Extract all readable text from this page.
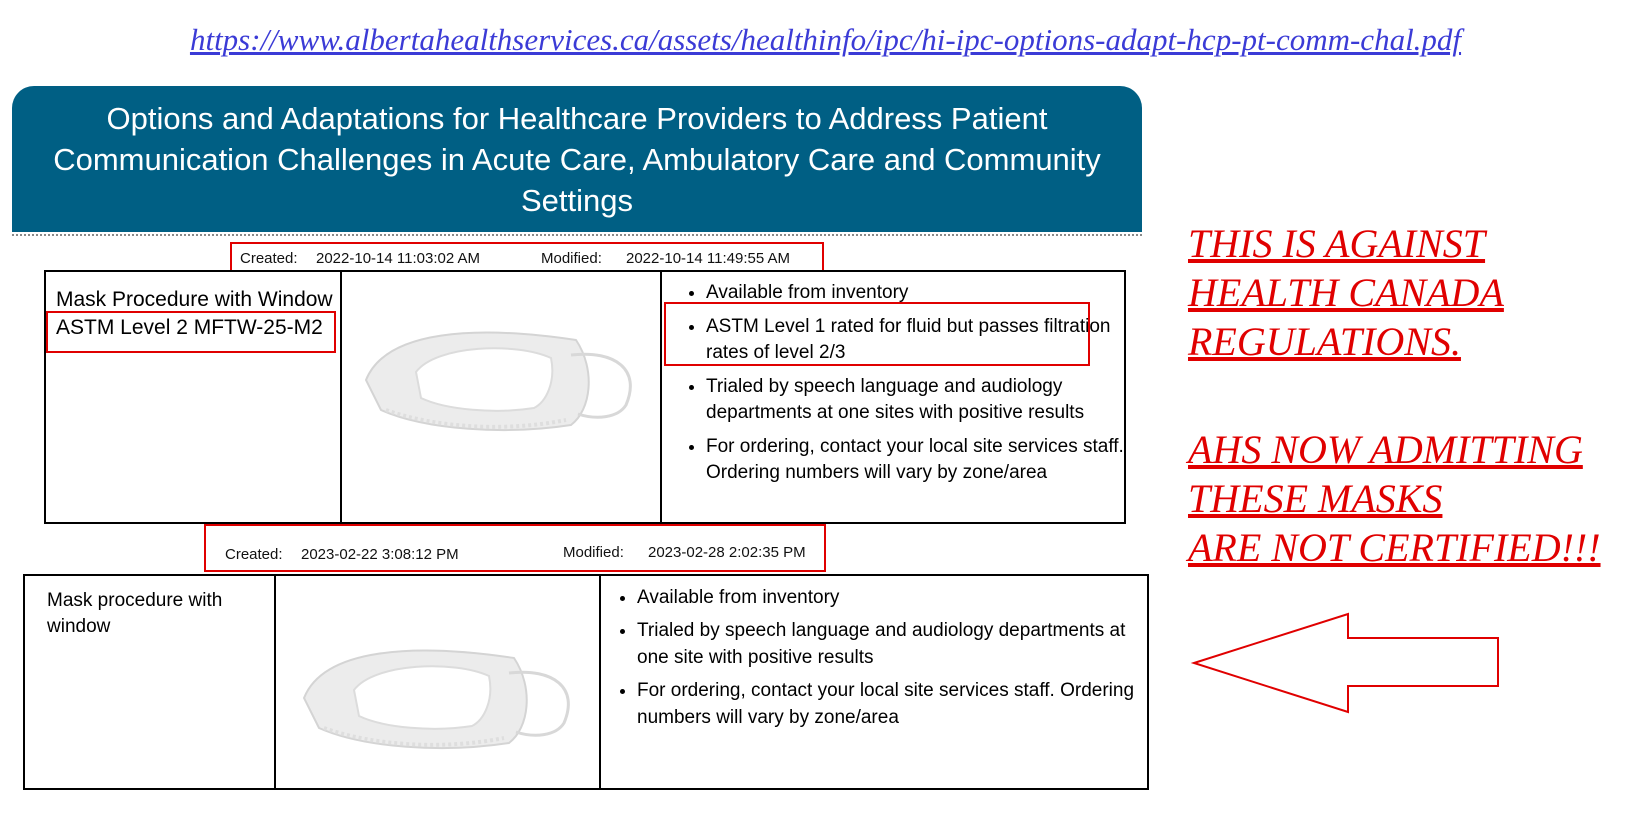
https://www.albertahealthservices.ca/assets/healthinfo/ipc/hi-ipc-options-adapt-hcp-pt-comm-chal.pdf
Options and Adaptations for Healthcare Providers to Address Patient Communication Challenges in Acute Care, Ambulatory Care and Community Settings
Created: 2022-10-14 11:03:02 AM	Modified: 2022-10-14 11:49:55 AM
Mask Procedure with Window
ASTM Level 2 MFTW-25-M2

• Available from inventory
• ASTM Level 1 rated for fluid but passes filtration rates of level 2/3
• Trialed by speech language and audiology departments at one sites with positive results
• For ordering, contact your local site services staff. Ordering numbers will vary by zone/area
Created: 2023-02-22 3:08:12 PM	Modified: 2023-02-28 2:02:35 PM
Mask procedure with window

• Available from inventory
• Trialed by speech language and audiology departments at one site with positive results
• For ordering, contact your local site services staff. Ordering numbers will vary by zone/area
THIS IS AGAINST
HEALTH CANADA
REGULATIONS.
AHS NOW ADMITTING
THESE MASKS
ARE NOT CERTIFIED!!!
